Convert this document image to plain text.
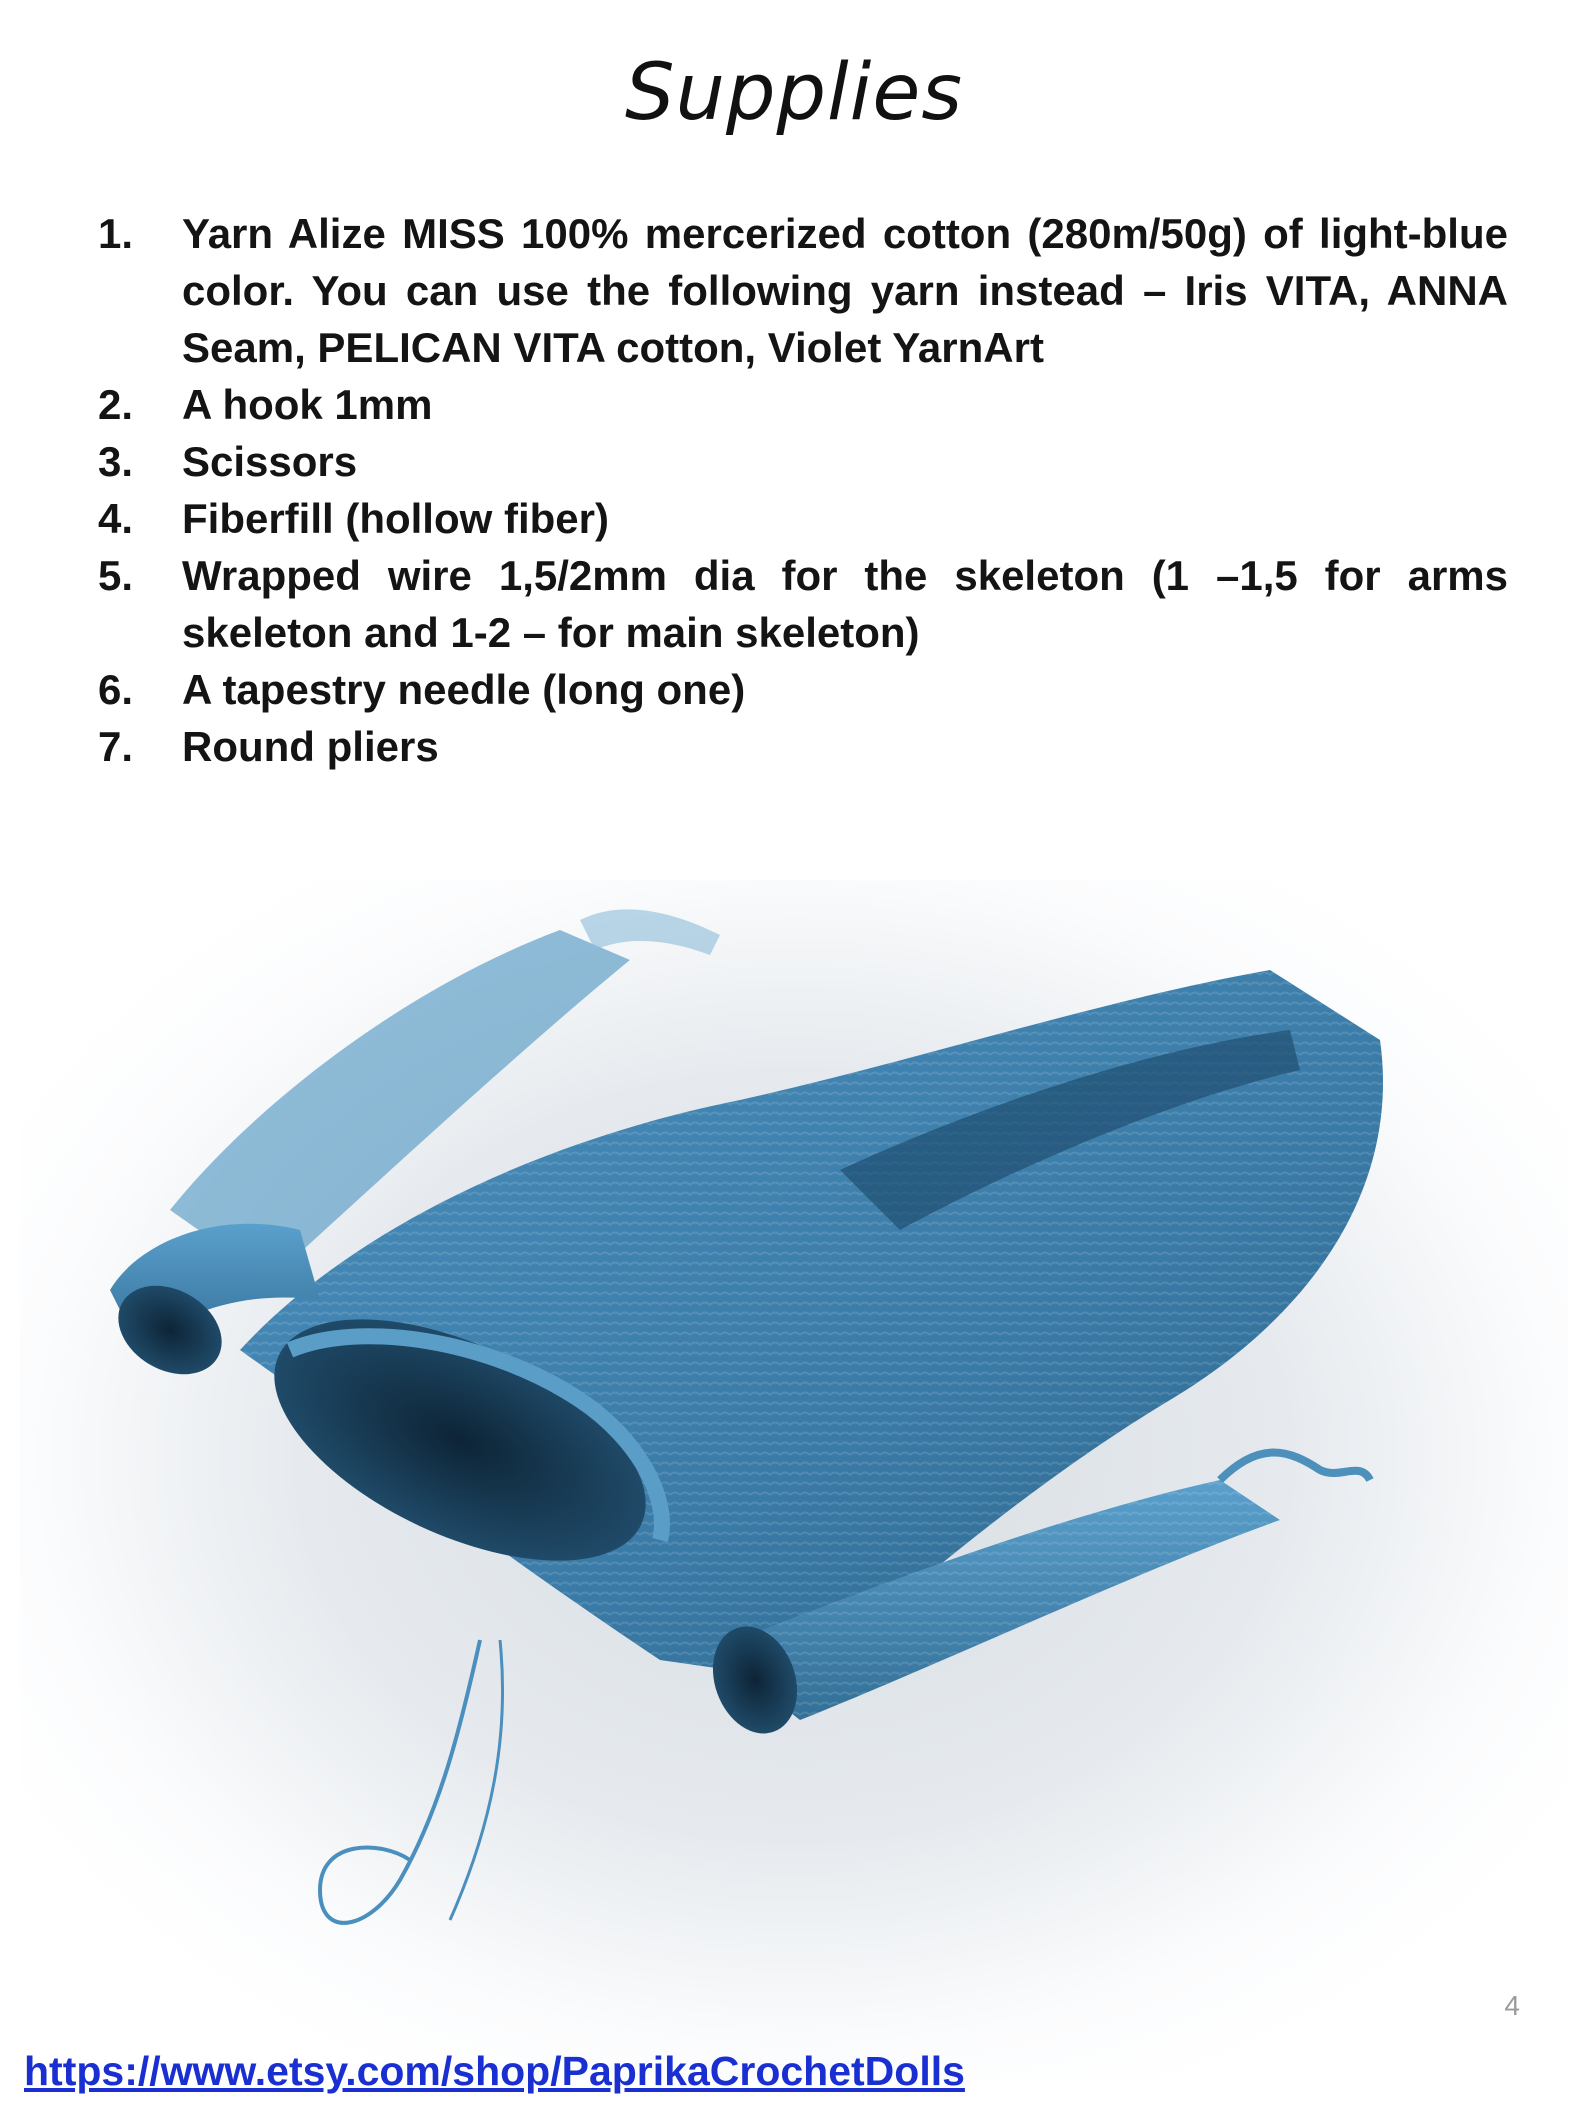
Supplies
1.	Yarn Alize MISS 100% mercerized cotton (280m/50g) of light-blue color. You can use the following yarn instead – Iris VITA, ANNA Seam, PELICAN VITA cotton, Violet YarnArt
2.	A hook 1mm
3.	Scissors
4.	Fiberfill (hollow fiber)
5.	Wrapped wire 1,5/2mm dia for the skeleton (1 –1,5 for arms skeleton and 1-2 – for main skeleton)
6.	A tapestry needle (long one)
7.	Round pliers
4
https://www.etsy.com/shop/PaprikaCrochetDolls
